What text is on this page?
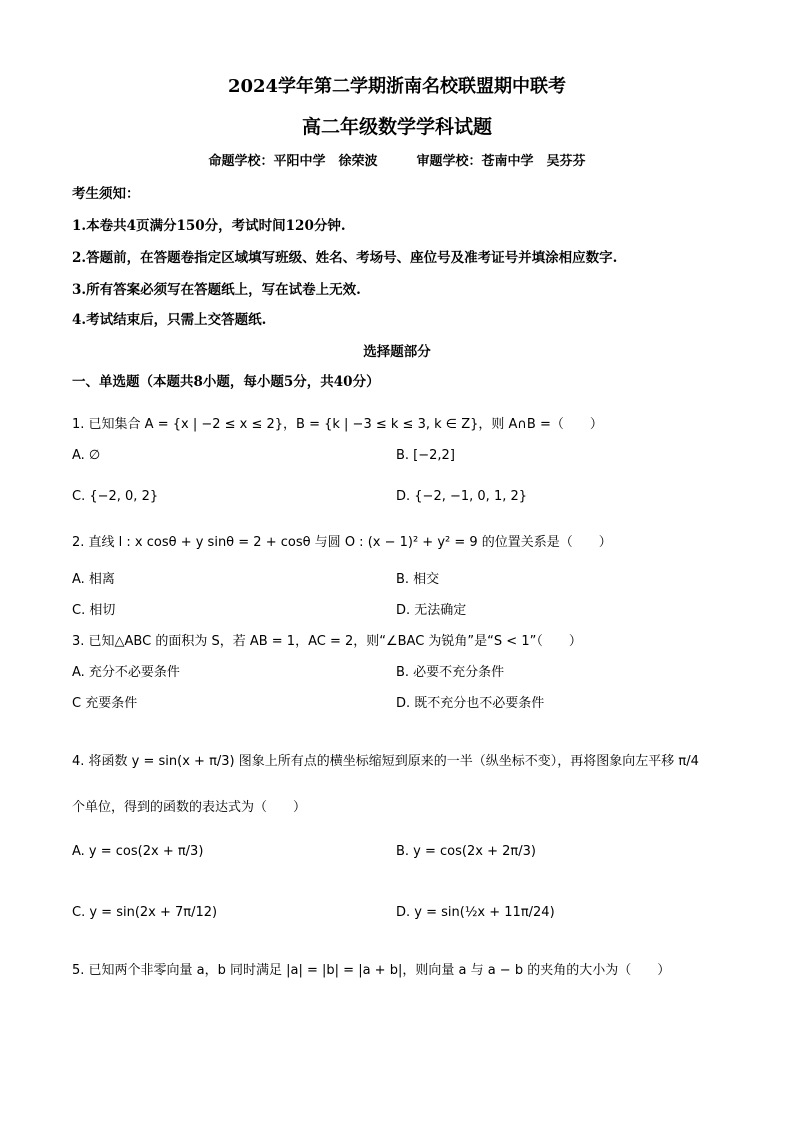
2024学年第二学期浙南名校联盟期中联考
高二年级数学学科试题
命题学校：平阳中学　徐荣波　　　审题学校：苍南中学　吴芬芬
考生须知：
1.本卷共4页满分150分，考试时间120分钟.
2.答题前，在答题卷指定区域填写班级、姓名、考场号、座位号及准考证号并填涂相应数字.
3.所有答案必须写在答题纸上，写在试卷上无效.
4.考试结束后，只需上交答题纸.
选择题部分
一、单选题（本题共8小题，每小题5分，共40分）
1. 已知集合 A = {x | −2 ≤ x ≤ 2}，B = {k | −3 ≤ k ≤ 3, k ∈ Z}，则 A∩B =（　　）
A. ∅	B. [−2,2]
C. {−2, 0, 2}	D. {−2, −1, 0, 1, 2}
2. 直线 l : x cosθ + y sinθ = 2 + cosθ 与圆 O : (x − 1)² + y² = 9 的位置关系是（　　）
A. 相离	B. 相交
C. 相切	D. 无法确定
3. 已知△ABC 的面积为 S，若 AB = 1，AC = 2，则“∠BAC 为锐角”是“S < 1”（　　）
A. 充分不必要条件	B. 必要不充分条件
C 充要条件	D. 既不充分也不必要条件
4. 将函数 y = sin(x + π/3) 图象上所有点的横坐标缩短到原来的一半（纵坐标不变），再将图象向左平移 π/4
个单位，得到的函数的表达式为（　　）
A. y = cos(2x + π/3)	B. y = cos(2x + 2π/3)
C. y = sin(2x + 7π/12)	D. y = sin(½x + 11π/24)
5. 已知两个非零向量 a，b 同时满足 |a| = |b| = |a + b|，则向量 a 与 a − b 的夹角的大小为（　　）
